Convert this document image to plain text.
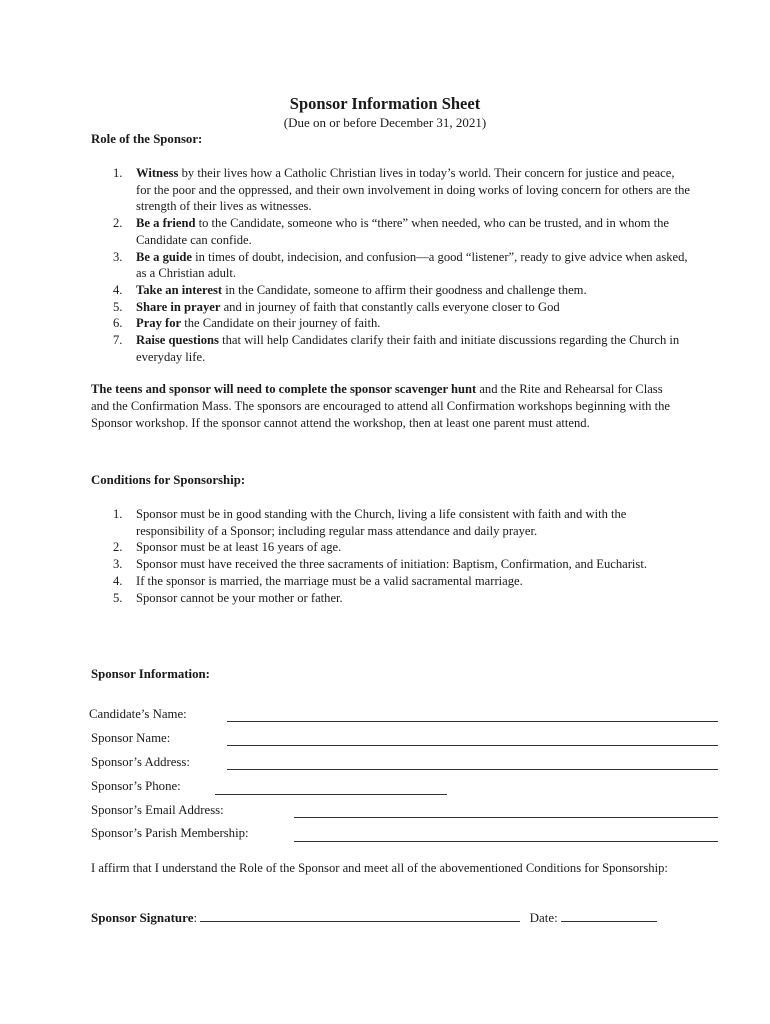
Sponsor Information Sheet
(Due on or before December 31, 2021)
Role of the Sponsor:
1. Witness by their lives how a Catholic Christian lives in today’s world. Their concern for justice and peace, for the poor and the oppressed, and their own involvement in doing works of loving concern for others are the strength of their lives as witnesses.
2. Be a friend to the Candidate, someone who is “there” when needed, who can be trusted, and in whom the Candidate can confide.
3. Be a guide in times of doubt, indecision, and confusion—a good “listener”, ready to give advice when asked, as a Christian adult.
4. Take an interest in the Candidate, someone to affirm their goodness and challenge them.
5. Share in prayer and in journey of faith that constantly calls everyone closer to God
6. Pray for the Candidate on their journey of faith.
7. Raise questions that will help Candidates clarify their faith and initiate discussions regarding the Church in everyday life.
The teens and sponsor will need to complete the sponsor scavenger hunt and the Rite and Rehearsal for Class and the Confirmation Mass. The sponsors are encouraged to attend all Confirmation workshops beginning with the Sponsor workshop. If the sponsor cannot attend the workshop, then at least one parent must attend.
Conditions for Sponsorship:
1. Sponsor must be in good standing with the Church, living a life consistent with faith and with the responsibility of a Sponsor; including regular mass attendance and daily prayer.
2. Sponsor must be at least 16 years of age.
3. Sponsor must have received the three sacraments of initiation: Baptism, Confirmation, and Eucharist.
4. If the sponsor is married, the marriage must be a valid sacramental marriage.
5. Sponsor cannot be your mother or father.
Sponsor Information:
Candidate’s Name:
Sponsor Name:
Sponsor’s Address:
Sponsor’s Phone:
Sponsor’s Email Address:
Sponsor’s Parish Membership:
I affirm that I understand the Role of the Sponsor and meet all of the abovementioned Conditions for Sponsorship:
Sponsor Signature:	Date:
